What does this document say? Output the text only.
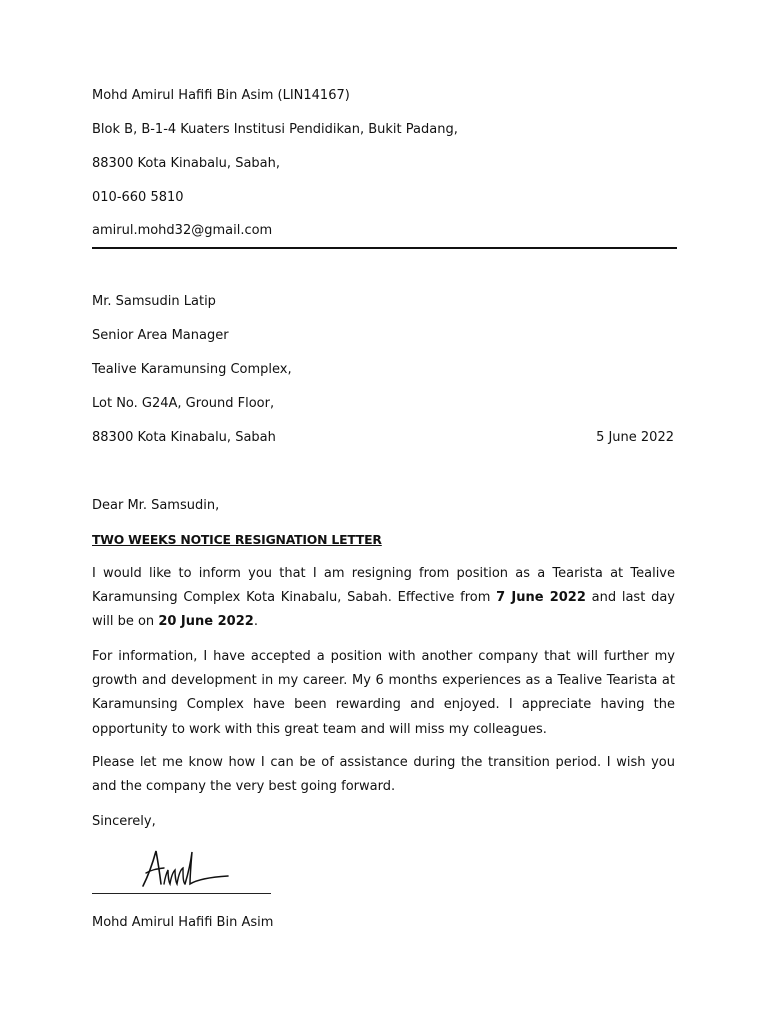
Mohd Amirul Hafifi Bin Asim (LIN14167)
Blok B, B-1-4 Kuaters Institusi Pendidikan, Bukit Padang,
88300 Kota Kinabalu, Sabah,
010-660 5810
amirul.mohd32@gmail.com
Mr. Samsudin Latip
Senior Area Manager
Tealive Karamunsing Complex,
Lot No. G24A, Ground Floor,
88300 Kota Kinabalu, Sabah	5 June 2022
Dear Mr. Samsudin,
TWO WEEKS NOTICE RESIGNATION LETTER
I would like to inform you that I am resigning from position as a Tearista at Tealive Karamunsing Complex Kota Kinabalu, Sabah. Effective from 7 June 2022 and last day will be on 20 June 2022.
For information, I have accepted a position with another company that will further my growth and development in my career. My 6 months experiences as a Tealive Tearista at Karamunsing Complex have been rewarding and enjoyed. I appreciate having the opportunity to work with this great team and will miss my colleagues.
Please let me know how I can be of assistance during the transition period. I wish you and the company the very best going forward.
Sincerely,
Mohd Amirul Hafifi Bin Asim
